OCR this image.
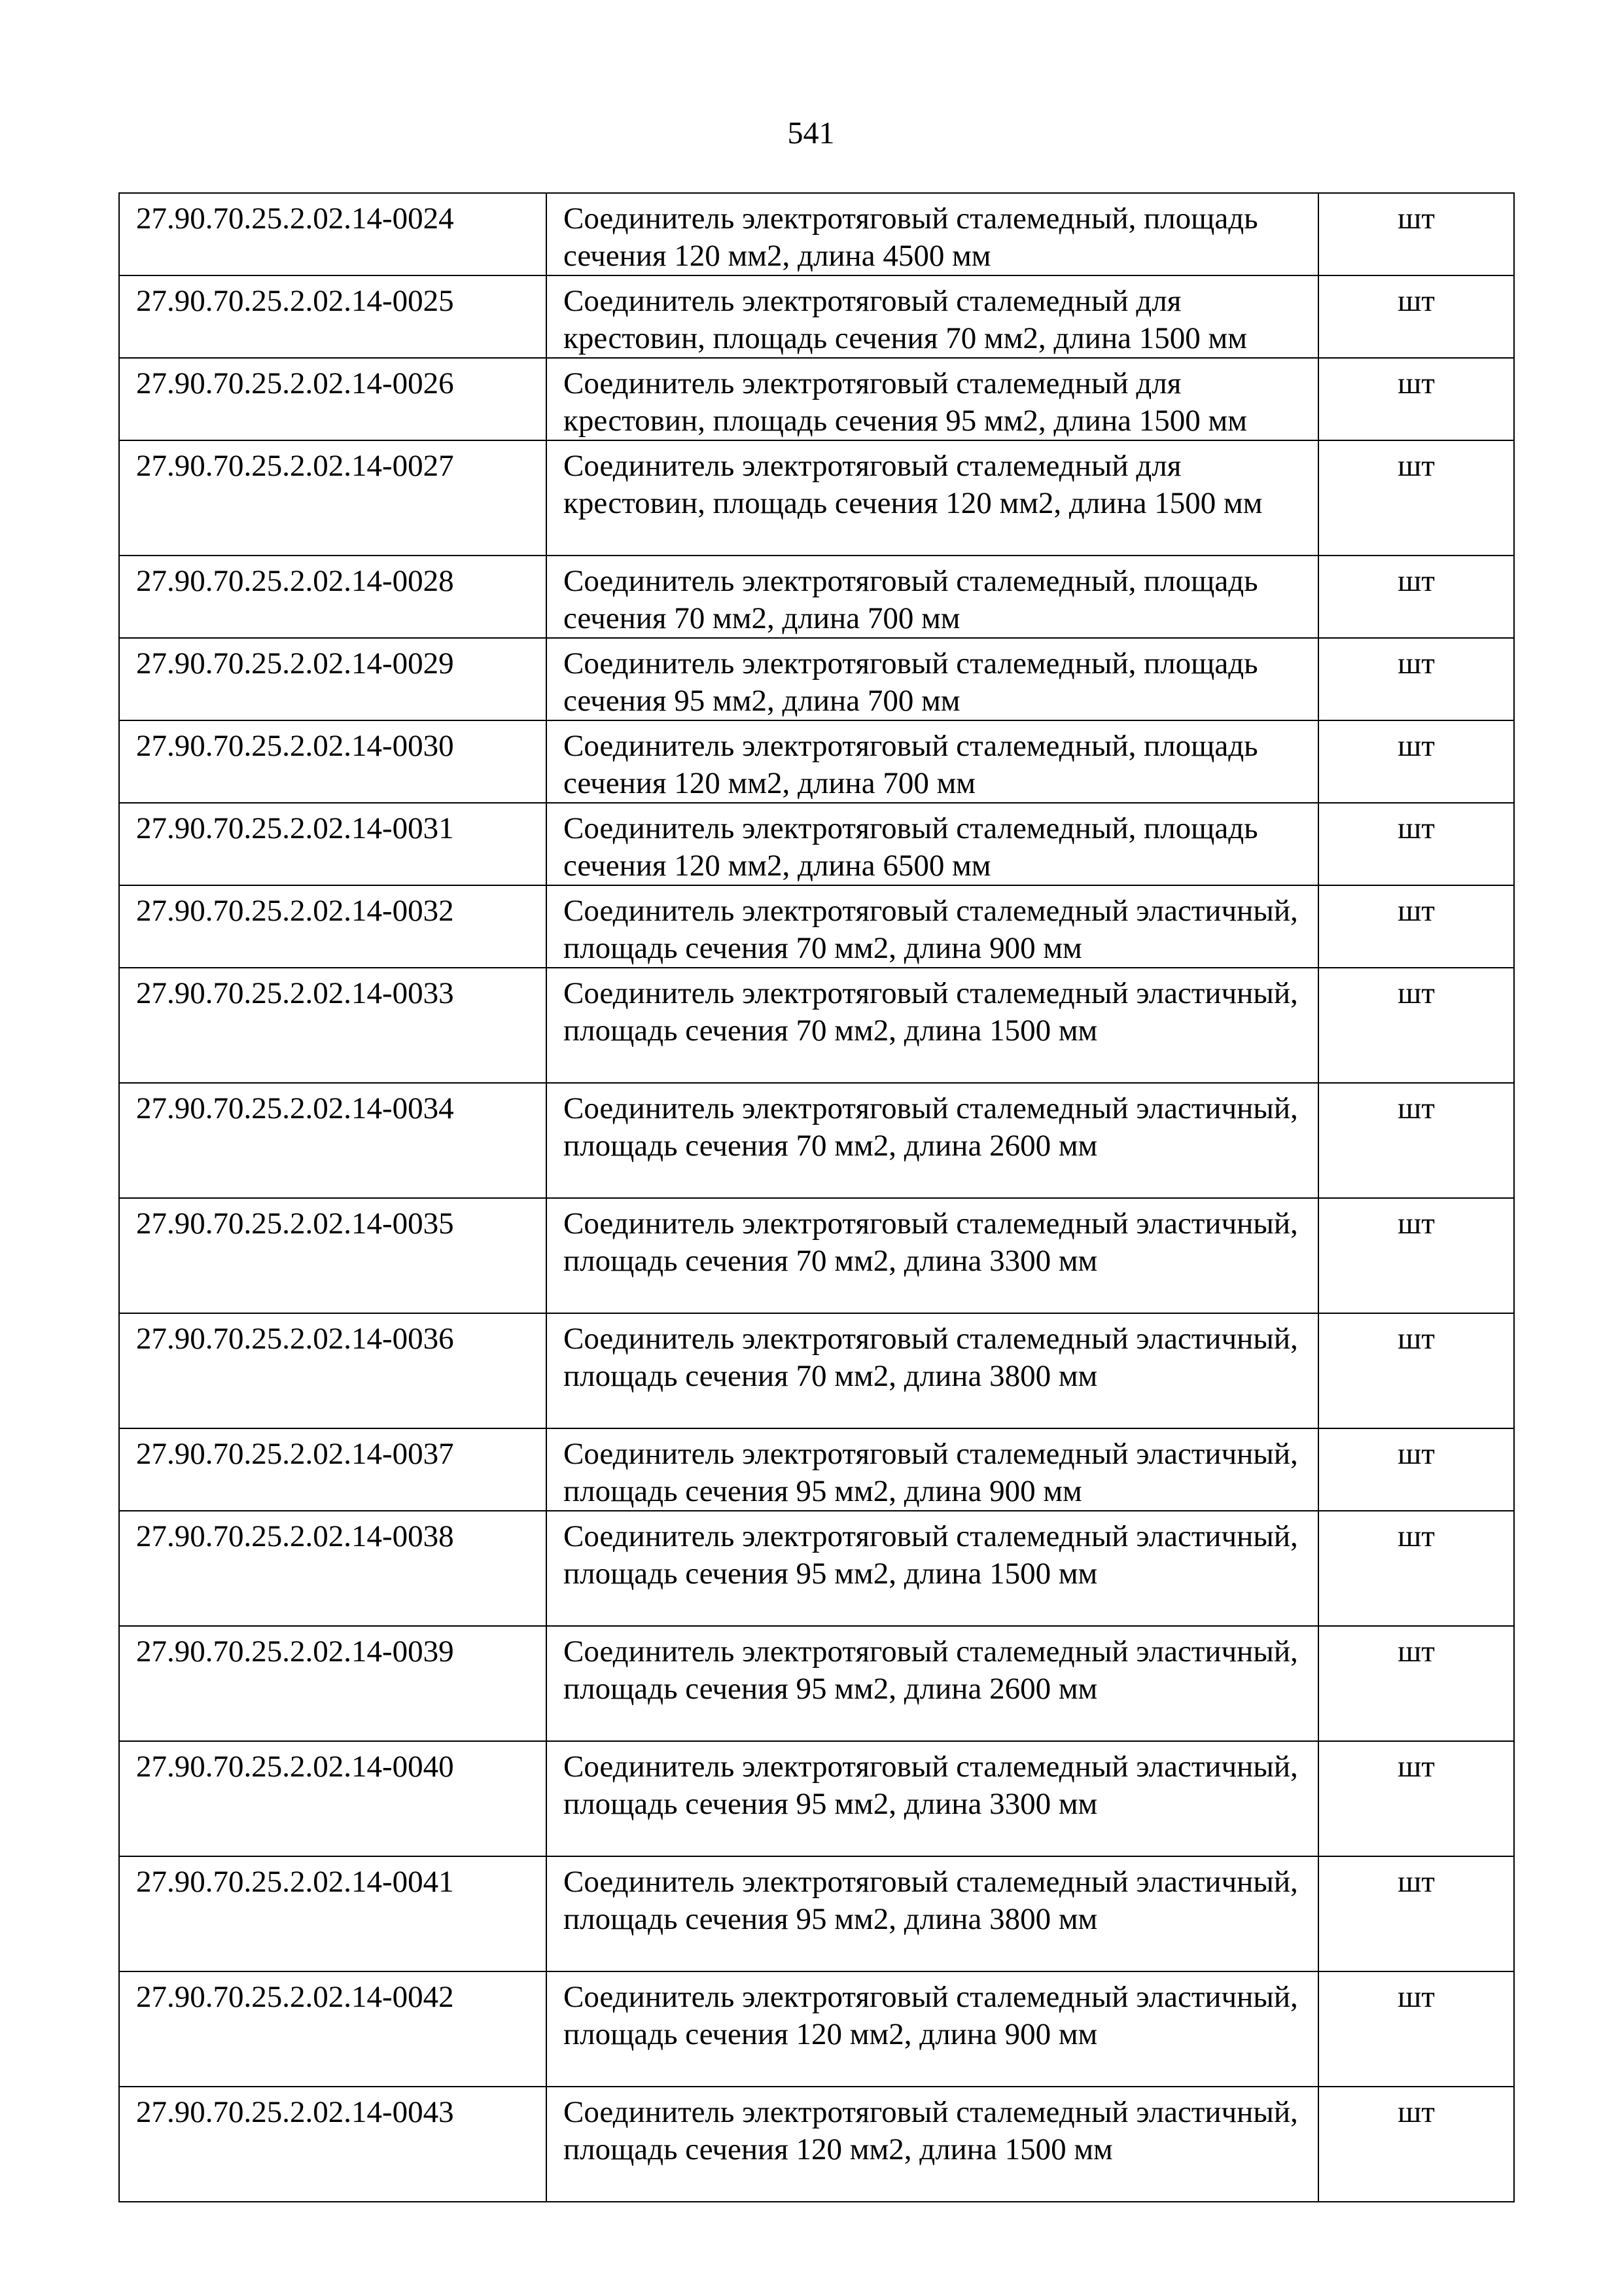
541
27.90.70.25.2.02.14-0024	Соединитель электротяговый сталемедный, площадь сечения 120 мм2, длина 4500 мм	шт
27.90.70.25.2.02.14-0025	Соединитель электротяговый сталемедный для крестовин, площадь сечения 70 мм2, длина 1500 мм	шт
27.90.70.25.2.02.14-0026	Соединитель электротяговый сталемедный для крестовин, площадь сечения 95 мм2, длина 1500 мм	шт
27.90.70.25.2.02.14-0027	Соединитель электротяговый сталемедный для крестовин, площадь сечения 120 мм2, длина 1500 мм	шт
27.90.70.25.2.02.14-0028	Соединитель электротяговый сталемедный, площадь сечения 70 мм2, длина 700 мм	шт
27.90.70.25.2.02.14-0029	Соединитель электротяговый сталемедный, площадь сечения 95 мм2, длина 700 мм	шт
27.90.70.25.2.02.14-0030	Соединитель электротяговый сталемедный, площадь сечения 120 мм2, длина 700 мм	шт
27.90.70.25.2.02.14-0031	Соединитель электротяговый сталемедный, площадь сечения 120 мм2, длина 6500 мм	шт
27.90.70.25.2.02.14-0032	Соединитель электротяговый сталемедный эластичный, площадь сечения 70 мм2, длина 900 мм	шт
27.90.70.25.2.02.14-0033	Соединитель электротяговый сталемедный эластичный, площадь сечения 70 мм2, длина 1500 мм	шт
27.90.70.25.2.02.14-0034	Соединитель электротяговый сталемедный эластичный, площадь сечения 70 мм2, длина 2600 мм	шт
27.90.70.25.2.02.14-0035	Соединитель электротяговый сталемедный эластичный, площадь сечения 70 мм2, длина 3300 мм	шт
27.90.70.25.2.02.14-0036	Соединитель электротяговый сталемедный эластичный, площадь сечения 70 мм2, длина 3800 мм	шт
27.90.70.25.2.02.14-0037	Соединитель электротяговый сталемедный эластичный, площадь сечения 95 мм2, длина 900 мм	шт
27.90.70.25.2.02.14-0038	Соединитель электротяговый сталемедный эластичный, площадь сечения 95 мм2, длина 1500 мм	шт
27.90.70.25.2.02.14-0039	Соединитель электротяговый сталемедный эластичный, площадь сечения 95 мм2, длина 2600 мм	шт
27.90.70.25.2.02.14-0040	Соединитель электротяговый сталемедный эластичный, площадь сечения 95 мм2, длина 3300 мм	шт
27.90.70.25.2.02.14-0041	Соединитель электротяговый сталемедный эластичный, площадь сечения 95 мм2, длина 3800 мм	шт
27.90.70.25.2.02.14-0042	Соединитель электротяговый сталемедный эластичный, площадь сечения 120 мм2, длина 900 мм	шт
27.90.70.25.2.02.14-0043	Соединитель электротяговый сталемедный эластичный, площадь сечения 120 мм2, длина 1500 мм	шт
